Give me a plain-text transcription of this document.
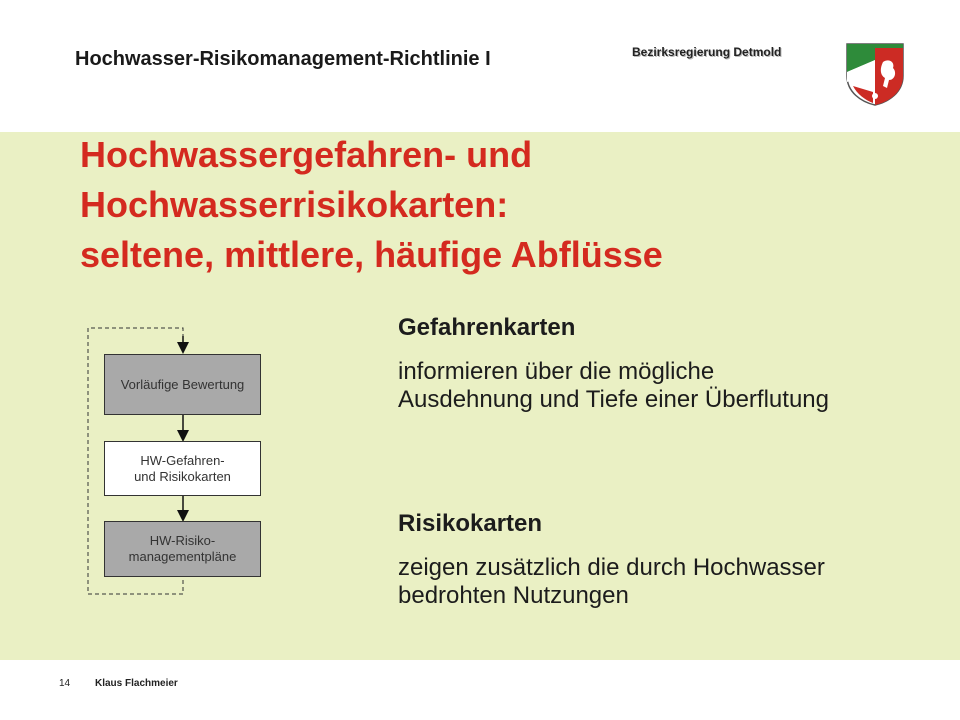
Hochwasser-Risikomanagement-Richtlinie I	Bezirksregierung Detmold
Hochwassergefahren- und
Hochwasserrisikokarten:
seltene, mittlere, häufige Abflüsse
Vorläufige Bewertung
HW-Gefahren-
und Risikokarten
HW-Risiko-
managementpläne
Gefahrenkarten
informieren über die mögliche Ausdehnung und Tiefe einer Überflutung
Risikokarten
zeigen zusätzlich die durch Hochwasser bedrohten Nutzungen
14 Klaus Flachmeier
